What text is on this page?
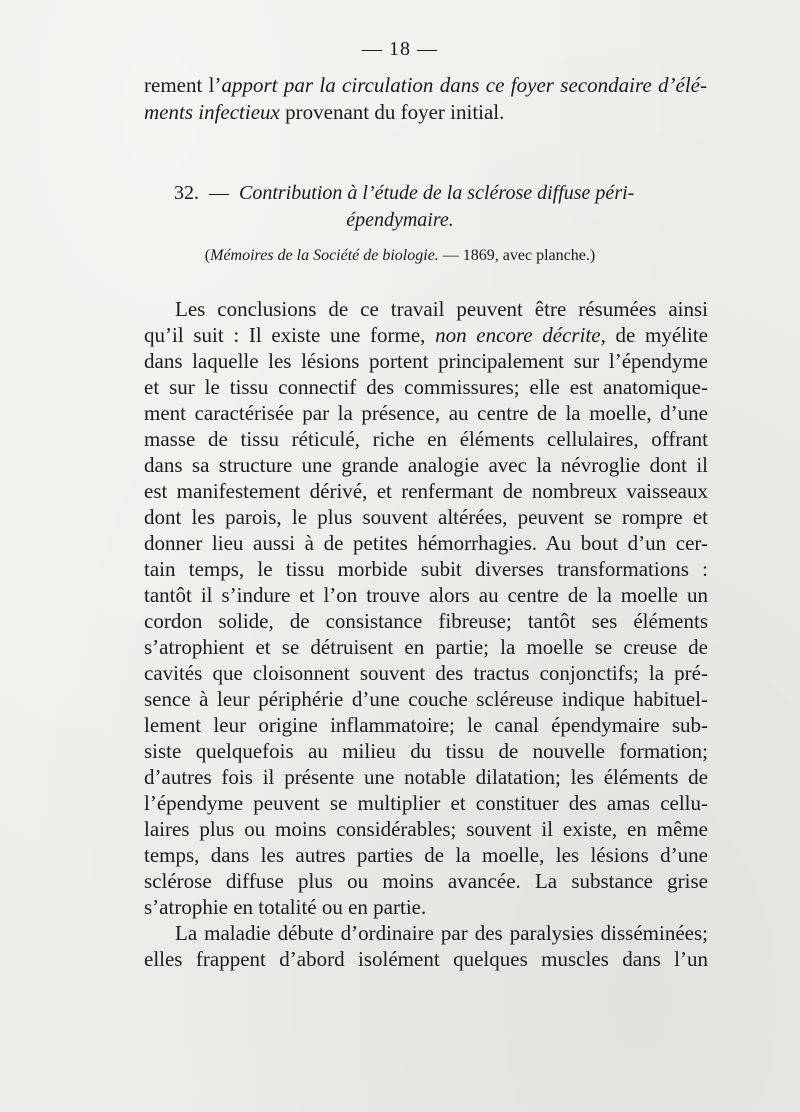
— 18 —
rement l’apport par la circulation dans ce foyer secondaire d’élé-
ments infectieux provenant du foyer initial.
32. — Contribution à l’étude de la sclérose diffuse péri-
épendymaire.
(Mémoires de la Société de biologie. — 1869, avec planche.)
Les conclusions de ce travail peuvent être résumées ainsi
qu’il suit : Il existe une forme, non encore décrite, de myélite
dans laquelle les lésions portent principalement sur l’épendyme
et sur le tissu connectif des commissures; elle est anatomique-
ment caractérisée par la présence, au centre de la moelle, d’une
masse de tissu réticulé, riche en éléments cellulaires, offrant
dans sa structure une grande analogie avec la névroglie dont il
est manifestement dérivé, et renfermant de nombreux vaisseaux
dont les parois, le plus souvent altérées, peuvent se rompre et
donner lieu aussi à de petites hémorrhagies. Au bout d’un cer-
tain temps, le tissu morbide subit diverses transformations :
tantôt il s’indure et l’on trouve alors au centre de la moelle un
cordon solide, de consistance fibreuse; tantôt ses éléments
s’atrophient et se détruisent en partie; la moelle se creuse de
cavités que cloisonnent souvent des tractus conjonctifs; la pré-
sence à leur périphérie d’une couche scléreuse indique habituel-
lement leur origine inflammatoire; le canal épendymaire sub-
siste quelquefois au milieu du tissu de nouvelle formation;
d’autres fois il présente une notable dilatation; les éléments de
l’épendyme peuvent se multiplier et constituer des amas cellu-
laires plus ou moins considérables; souvent il existe, en même
temps, dans les autres parties de la moelle, les lésions d’une
sclérose diffuse plus ou moins avancée. La substance grise
s’atrophie en totalité ou en partie.
La maladie débute d’ordinaire par des paralysies disséminées;
elles frappent d’abord isolément quelques muscles dans l’un
